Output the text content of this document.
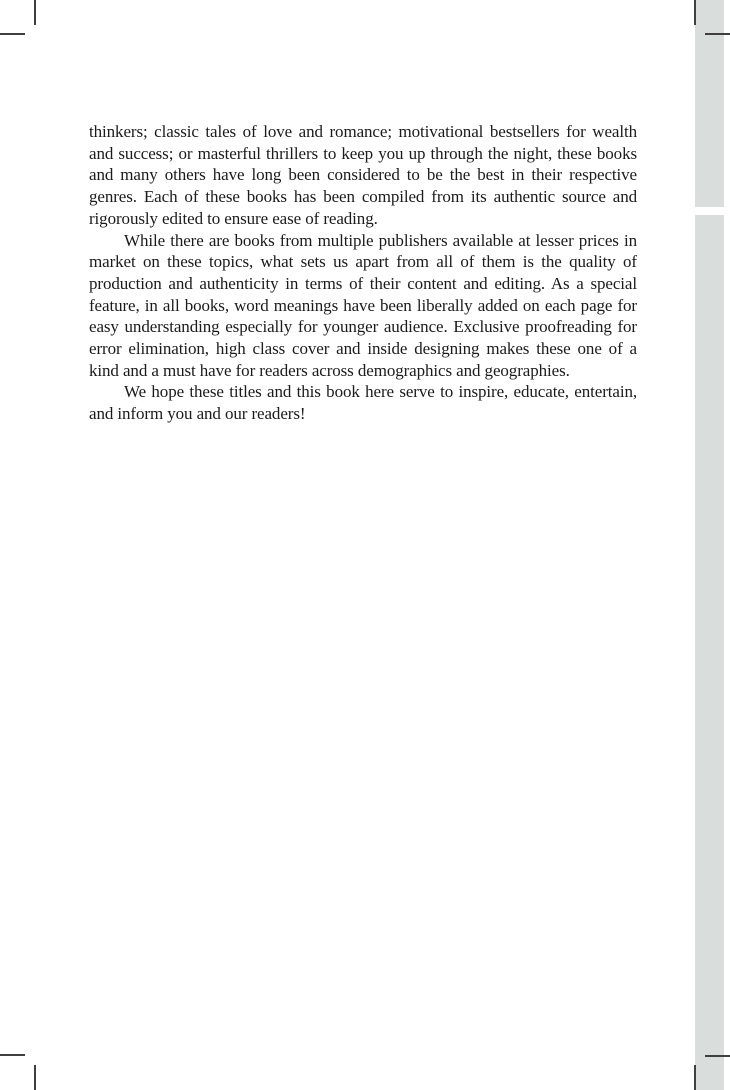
thinkers; classic tales of love and romance; motivational bestsellers for wealth and success; or masterful thrillers to keep you up through the night, these books and many others have long been considered to be the best in their respective genres. Each of these books has been compiled from its authentic source and rigorously edited to ensure ease of reading.

While there are books from multiple publishers available at lesser prices in market on these topics, what sets us apart from all of them is the quality of production and authenticity in terms of their content and editing. As a special feature, in all books, word meanings have been liberally added on each page for easy understanding especially for younger audience. Exclusive proofreading for error elimination, high class cover and inside designing makes these one of a kind and a must have for readers across demographics and geographies.

We hope these titles and this book here serve to inspire, educate, entertain, and inform you and our readers!
